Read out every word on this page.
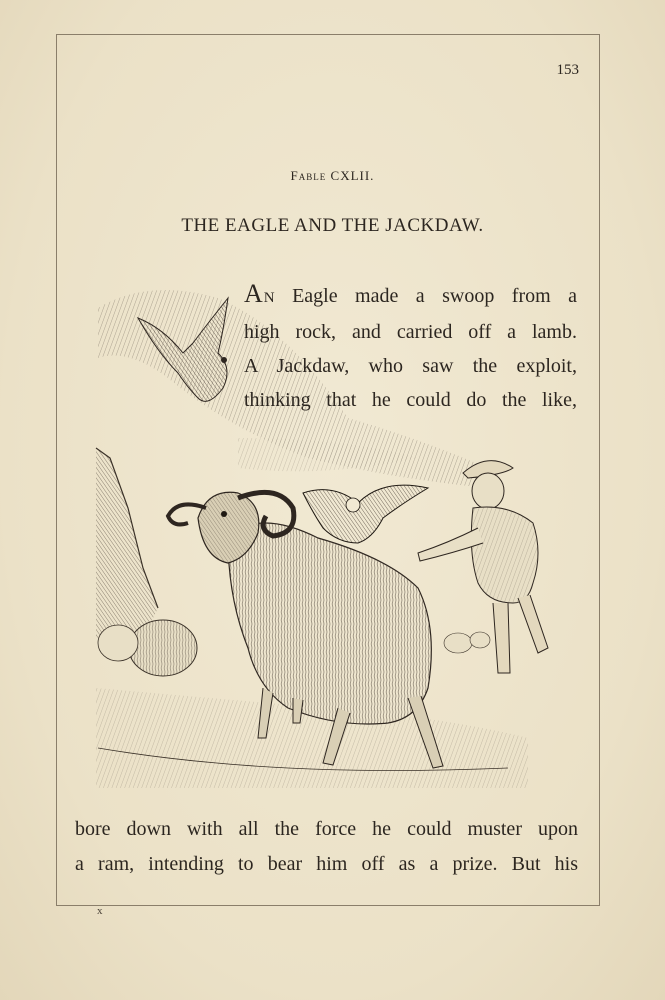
153
Fable CXLII.
THE EAGLE AND THE JACKDAW.
AN Eagle made a swoop from a
high rock, and carried off a lamb.
A Jackdaw, who saw the exploit,
thinking that he could do the like,
bore down with all the force he could muster upon
a ram, intending to bear him off as a prize. But his
x
